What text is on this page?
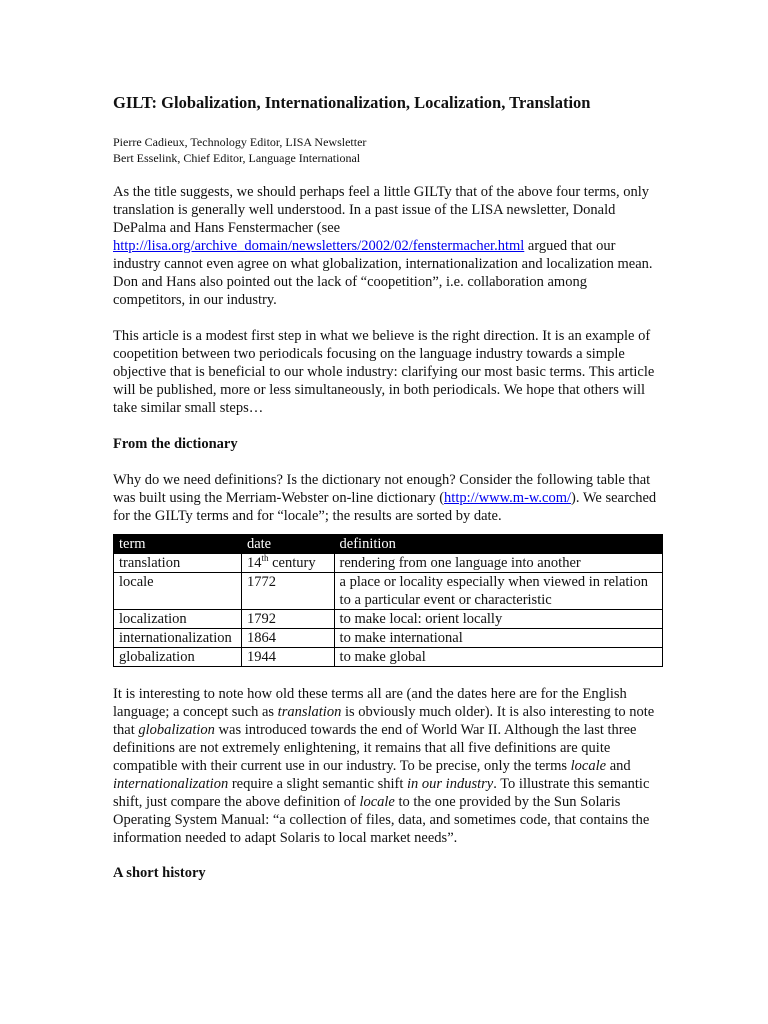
GILT: Globalization, Internationalization, Localization, Translation
Pierre Cadieux, Technology Editor, LISA Newsletter
Bert Esselink, Chief Editor, Language International

As the title suggests, we should perhaps feel a little GILTy that of the above four terms, only translation is generally well understood. In a past issue of the LISA newsletter, Donald DePalma and Hans Fenstermacher (see http://lisa.org/archive_domain/newsletters/2002/02/fenstermacher.html argued that our industry cannot even agree on what globalization, internationalization and localization mean. Don and Hans also pointed out the lack of “coopetition”, i.e. collaboration among competitors, in our industry.

This article is a modest first step in what we believe is the right direction. It is an example of coopetition between two periodicals focusing on the language industry towards a simple objective that is beneficial to our whole industry: clarifying our most basic terms. This article will be published, more or less simultaneously, in both periodicals. We hope that others will take similar small steps…

From the dictionary

Why do we need definitions? Is the dictionary not enough? Consider the following table that was built using the Merriam-Webster on-line dictionary (http://www.m-w.com/). We searched for the GILTy terms and for “locale”; the results are sorted by date.

term	date	definition
translation	14th century	rendering from one language into another
locale	1772	a place or locality especially when viewed in relation to a particular event or characteristic
localization	1792	to make local: orient locally
internationalization	1864	to make international
globalization	1944	to make global

It is interesting to note how old these terms all are (and the dates here are for the English language; a concept such as translation is obviously much older). It is also interesting to note that globalization was introduced towards the end of World War II. Although the last three definitions are not extremely enlightening, it remains that all five definitions are quite compatible with their current use in our industry. To be precise, only the terms locale and internationalization require a slight semantic shift in our industry. To illustrate this semantic shift, just compare the above definition of locale to the one provided by the Sun Solaris Operating System Manual: “a collection of files, data, and sometimes code, that contains the information needed to adapt Solaris to local market needs”.

A short history
